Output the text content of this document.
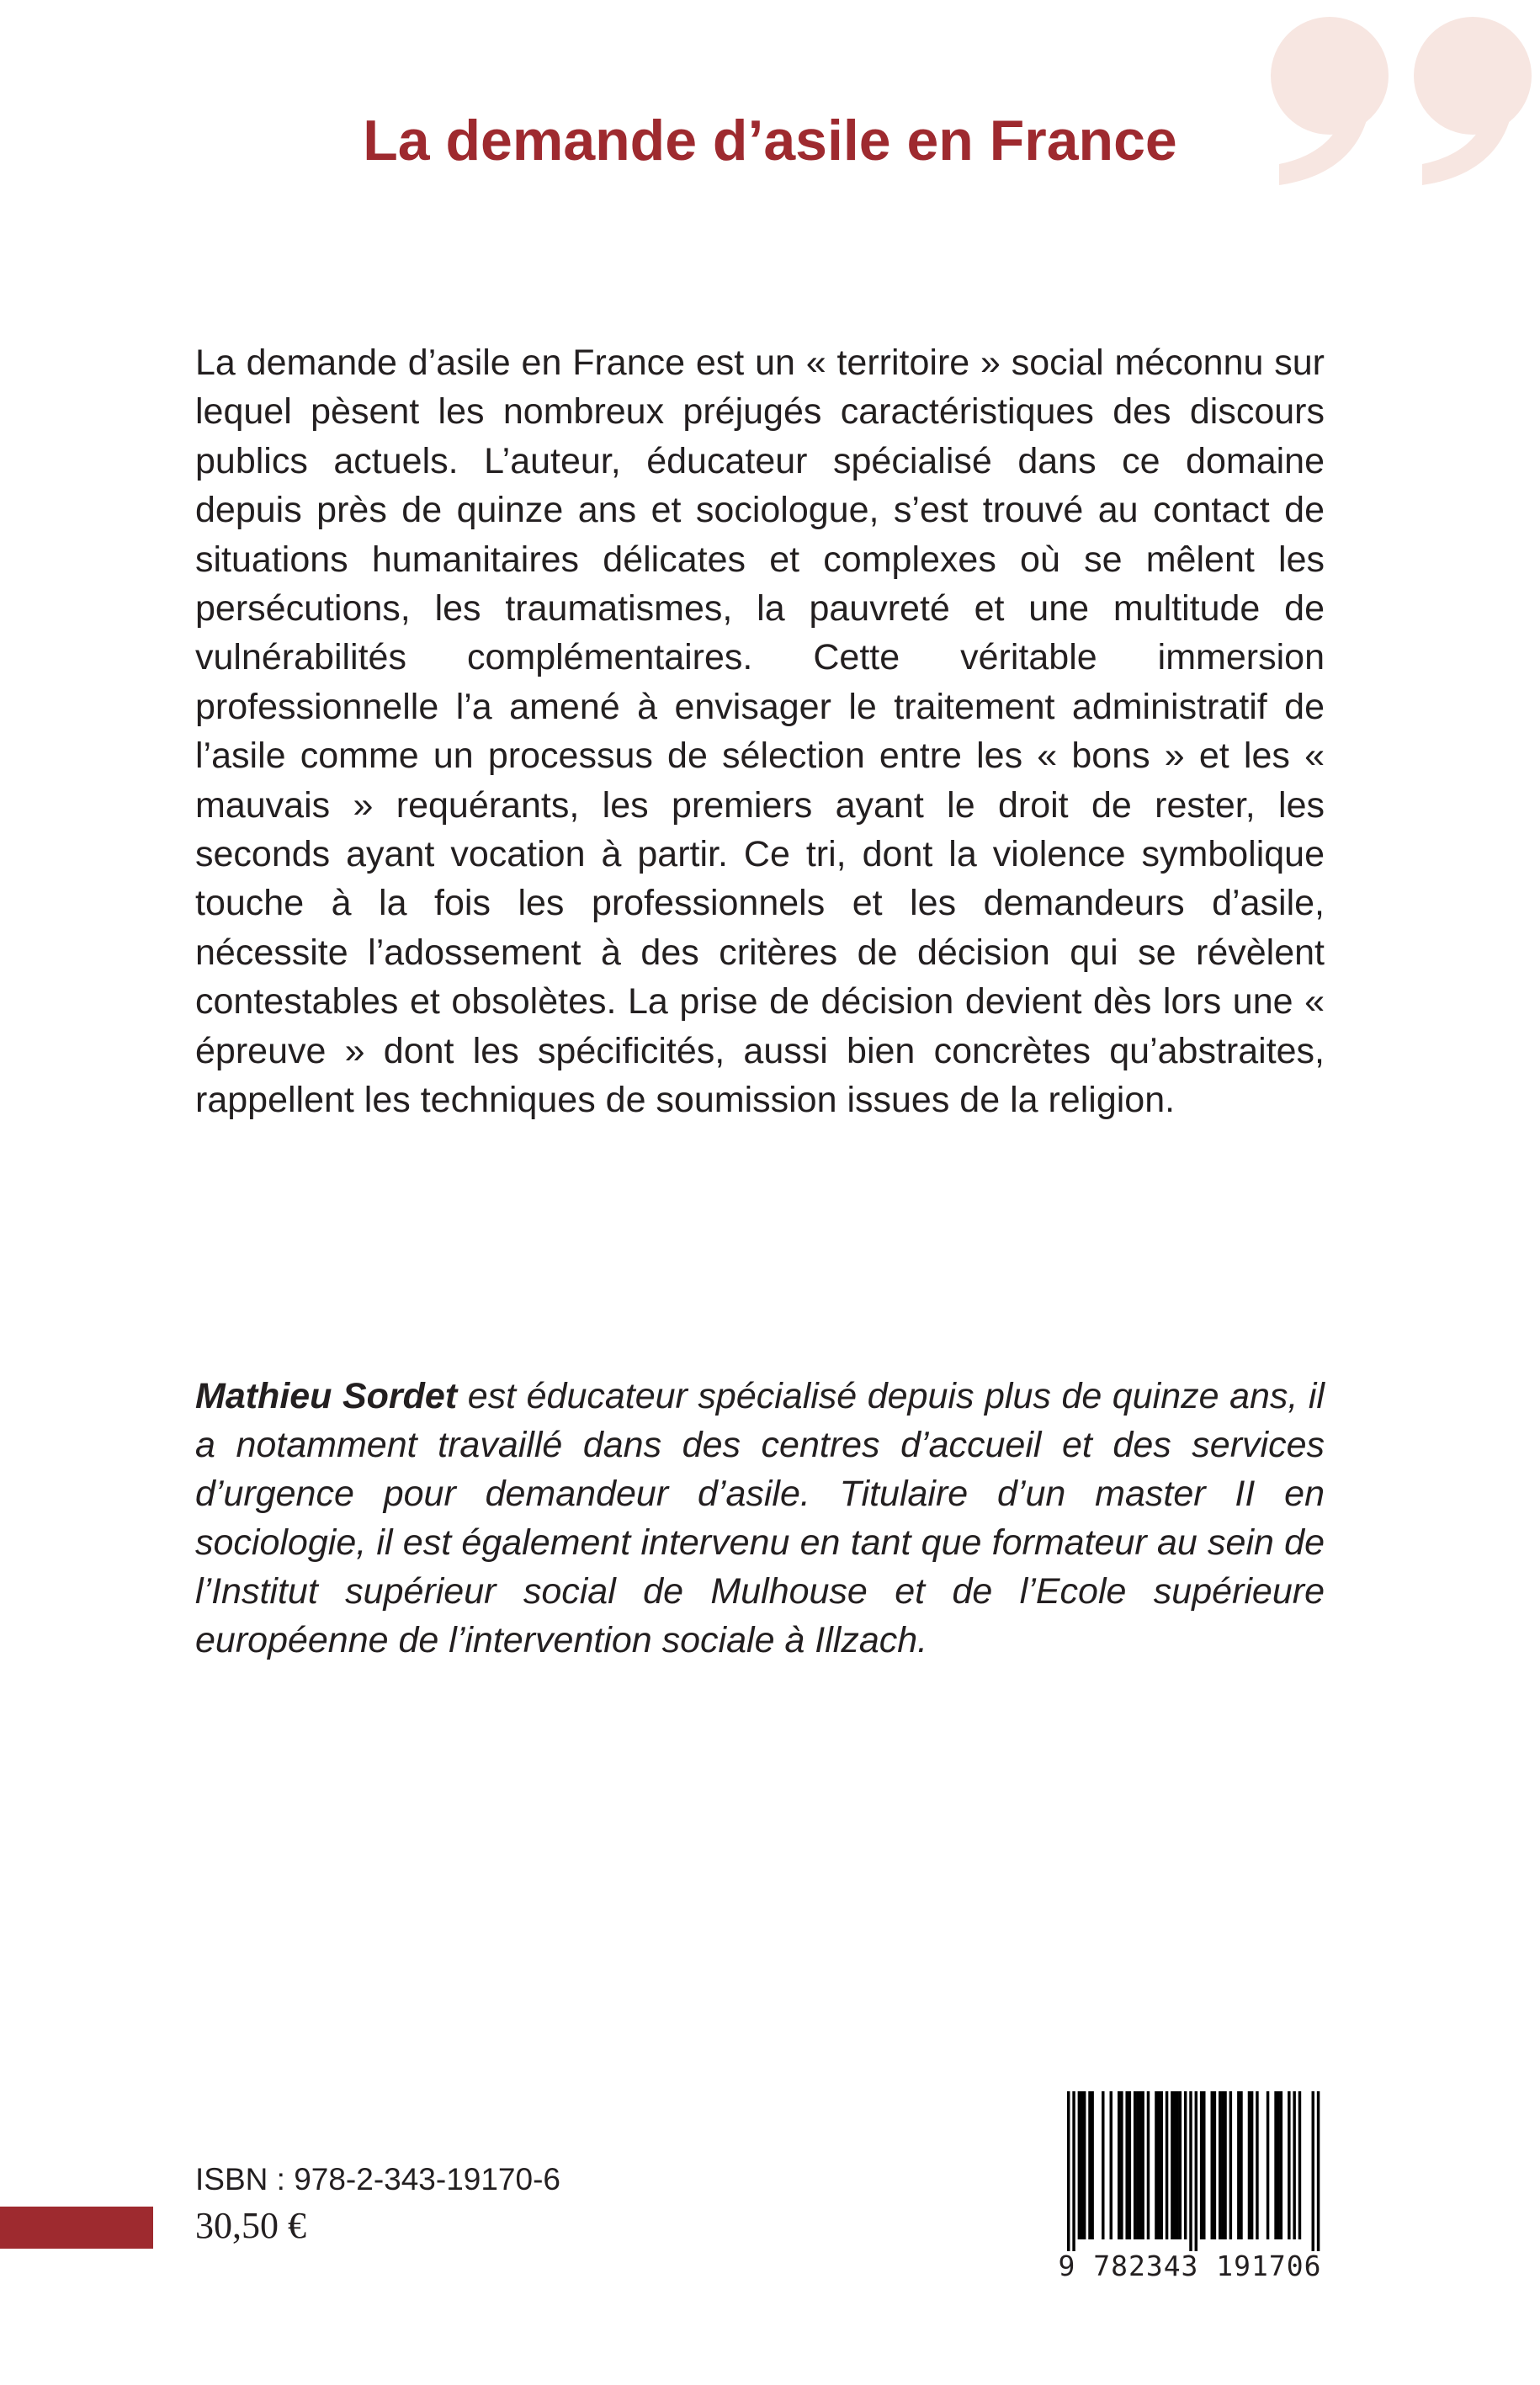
La demande d’asile en France

La demande d’asile en France est un « territoire » social méconnu sur lequel pèsent les nombreux préjugés caractéristiques des discours publics actuels. L’auteur, éducateur spécialisé dans ce domaine depuis près de quinze ans et sociologue, s’est trouvé au contact de situations humanitaires délicates et complexes où se mêlent les persécutions, les traumatismes, la pauvreté et une multitude de vulnérabilités complémentaires. Cette véritable immersion professionnelle l’a amené à envisager le traitement administratif de l’asile comme un processus de sélection entre les « bons » et les « mauvais » requérants, les premiers ayant le droit de rester, les seconds ayant vocation à partir. Ce tri, dont la violence symbolique touche à la fois les professionnels et les demandeurs d’asile, nécessite l’adossement à des critères de décision qui se révèlent contestables et obsolètes. La prise de décision devient dès lors une « épreuve » dont les spécificités, aussi bien concrètes qu’abstraites, rappellent les techniques de soumission issues de la religion.

Mathieu Sordet est éducateur spécialisé depuis plus de quinze ans, il a notamment travaillé dans des centres d’accueil et des services d’urgence pour demandeur d’asile. Titulaire d’un master II en sociologie, il est également intervenu en tant que formateur au sein de l’Institut supérieur social de Mulhouse et de l’Ecole supérieure européenne de l’intervention sociale à Illzach.

ISBN : 978-2-343-19170-6
30,50 €
9 782343 191706
